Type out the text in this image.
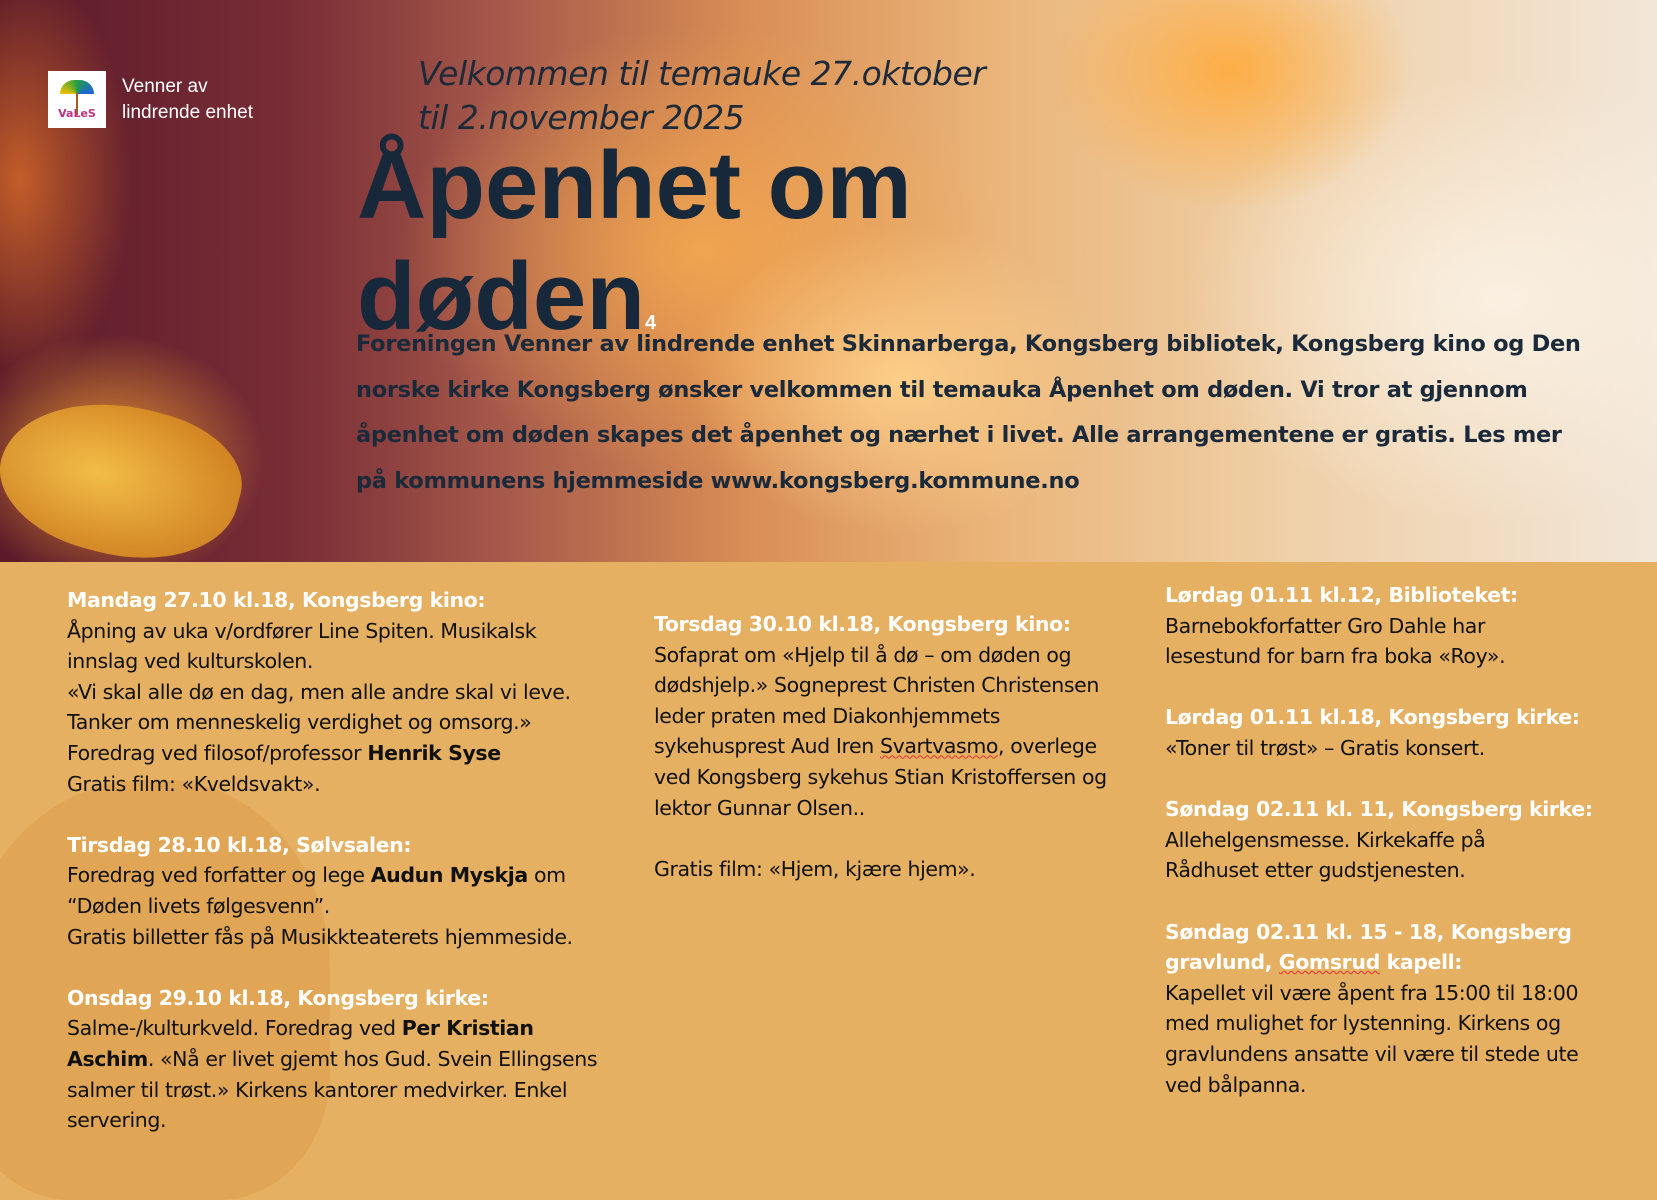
VaLeS
Venner av
lindrende enhet
Velkommen til temauke 27.oktober
til 2.november 2025
Åpenhet om
døden4
Foreningen Venner av lindrende enhet Skinnarberga, Kongsberg bibliotek, Kongsberg kino og Den
norske kirke Kongsberg ønsker velkommen til temauka Åpenhet om døden. Vi tror at gjennom
åpenhet om døden skapes det åpenhet og nærhet i livet. Alle arrangementene er gratis. Les mer
på kommunens hjemmeside www.kongsberg.kommune.no
Mandag 27.10 kl.18, Kongsberg kino:
Åpning av uka v/ordfører Line Spiten. Musikalsk
innslag ved kulturskolen.
«Vi skal alle dø en dag, men alle andre skal vi leve.
Tanker om menneskelig verdighet og omsorg.»
Foredrag ved filosof/professor Henrik Syse
Gratis film: «Kveldsvakt».
Tirsdag 28.10 kl.18, Sølvsalen:
Foredrag ved forfatter og lege Audun Myskja om
“Døden livets følgesvenn”.
Gratis billetter fås på Musikkteaterets hjemmeside.
Onsdag 29.10 kl.18, Kongsberg kirke:
Salme-/kulturkveld. Foredrag ved Per Kristian
Aschim. «Nå er livet gjemt hos Gud. Svein Ellingsens
salmer til trøst.» Kirkens kantorer medvirker. Enkel
servering.
Torsdag 30.10 kl.18, Kongsberg kino:
Sofaprat om «Hjelp til å dø – om døden og
dødshjelp.» Sogneprest Christen Christensen
leder praten med Diakonhjemmets
sykehusprest Aud Iren Svartvasmo, overlege
ved Kongsberg sykehus Stian Kristoffersen og
lektor Gunnar Olsen..
Gratis film: «Hjem, kjære hjem».
Lørdag 01.11 kl.12, Biblioteket:
Barnebokforfatter Gro Dahle har
lesestund for barn fra boka «Roy».
Lørdag 01.11 kl.18, Kongsberg kirke:
«Toner til trøst» – Gratis konsert.
Søndag 02.11 kl. 11, Kongsberg kirke:
Allehelgensmesse. Kirkekaffe på
Rådhuset etter gudstjenesten.
Søndag 02.11 kl. 15 - 18, Kongsberg
gravlund, Gomsrud kapell:
Kapellet vil være åpent fra 15:00 til 18:00
med mulighet for lystenning. Kirkens og
gravlundens ansatte vil være til stede ute
ved bålpanna.
